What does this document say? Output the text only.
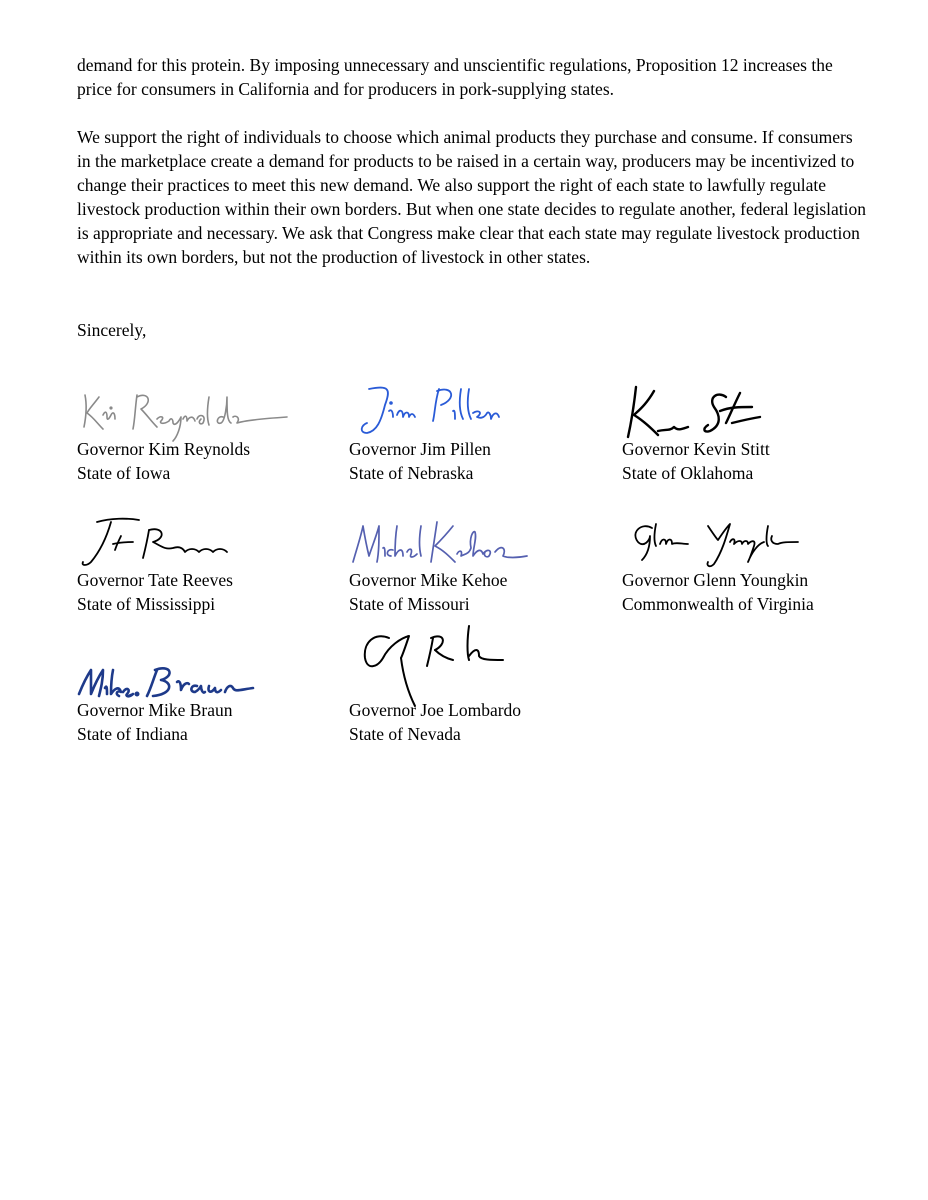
demand for this protein. By imposing unnecessary and unscientific regulations, Proposition 12 increases the price for consumers in California and for producers in pork-supplying states.

We support the right of individuals to choose which animal products they purchase and consume. If consumers in the marketplace create a demand for products to be raised in a certain way, producers may be incentivized to change their practices to meet this new demand. We also support the right of each state to lawfully regulate livestock production within their own borders. But when one state decides to regulate another, federal legislation is appropriate and necessary. We ask that Congress make clear that each state may regulate livestock production within its own borders, but not the production of livestock in other states.

Sincerely,

Governor Kim Reynolds
State of Iowa
Governor Jim Pillen
State of Nebraska
Governor Kevin Stitt
State of Oklahoma
Governor Tate Reeves
State of Mississippi
Governor Mike Kehoe
State of Missouri
Governor Glenn Youngkin
Commonwealth of Virginia
Governor Mike Braun
State of Indiana
Governor Joe Lombardo
State of Nevada
